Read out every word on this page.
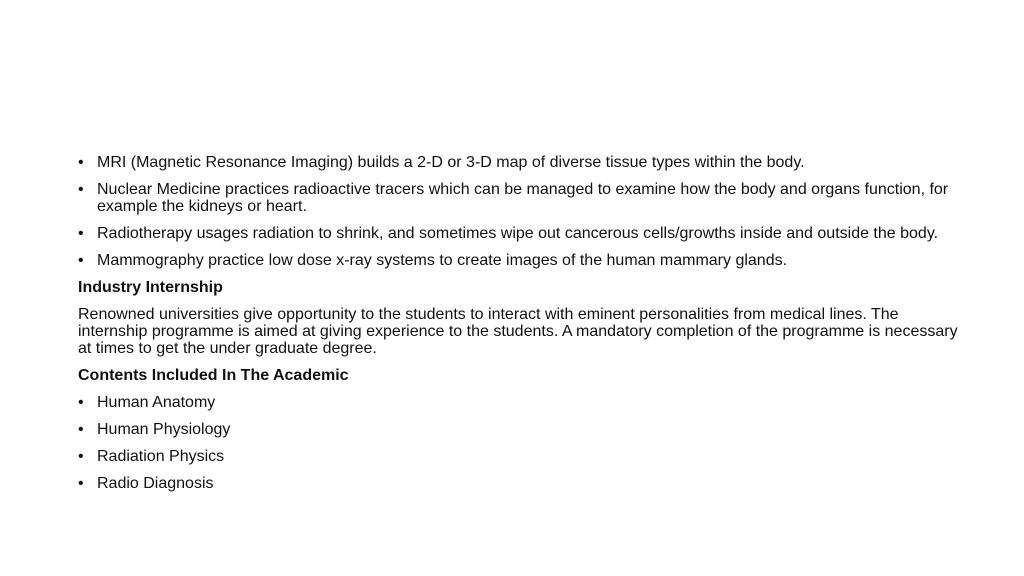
• MRI (Magnetic Resonance Imaging) builds a 2-D or 3-D map of diverse tissue types within the body.
• Nuclear Medicine practices radioactive tracers which can be managed to examine how the body and organs function, for example the kidneys or heart.
• Radiotherapy usages radiation to shrink, and sometimes wipe out cancerous cells/growths inside and outside the body.
• Mammography practice low dose x-ray systems to create images of the human mammary glands.
Industry Internship
Renowned universities give opportunity to the students to interact with eminent personalities from medical lines. The internship programme is aimed at giving experience to the students. A mandatory completion of the programme is necessary at times to get the under graduate degree.
Contents Included In The Academic
• Human Anatomy
• Human Physiology
• Radiation Physics
• Radio Diagnosis
